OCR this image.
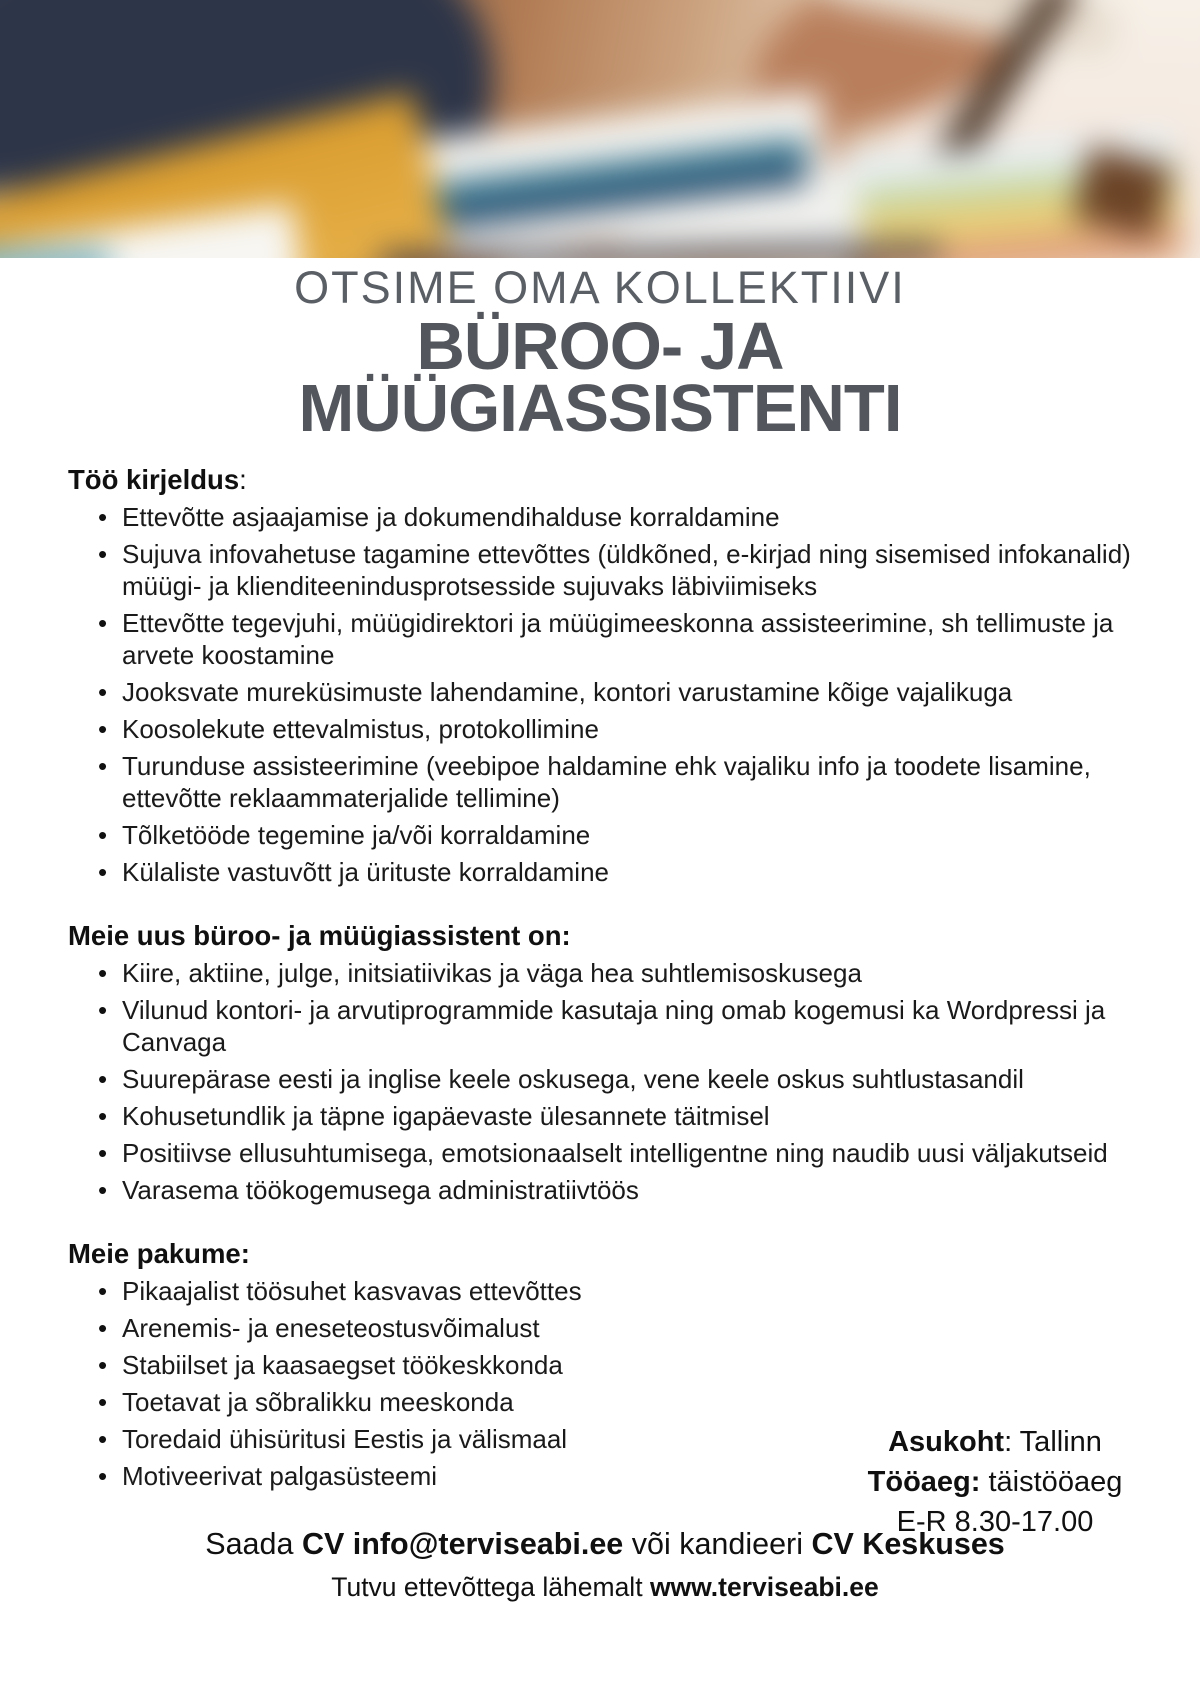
OTSIME OMA KOLLEKTIIVI
BÜROO- JA
MÜÜGIASSISTENTI
Töö kirjeldus:
• Ettevõtte asjaajamise ja dokumendihalduse korraldamine
• Sujuva infovahetuse tagamine ettevõttes (üldkõned, e-kirjad ning sisemised infokanalid) müügi- ja klienditeenindusprotsesside sujuvaks läbiviimiseks
• Ettevõtte tegevjuhi, müügidirektori ja müügimeeskonna assisteerimine, sh tellimuste ja arvete koostamine
• Jooksvate mureküsimuste lahendamine, kontori varustamine kõige vajalikuga
• Koosolekute ettevalmistus, protokollimine
• Turunduse assisteerimine (veebipoe haldamine ehk vajaliku info ja toodete lisamine, ettevõtte reklaammaterjalide tellimine)
• Tõlketööde tegemine ja/või korraldamine
• Külaliste vastuvõtt ja ürituste korraldamine
Meie uus büroo- ja müügiassistent on:
• Kiire, aktiine, julge, initsiatiivikas ja väga hea suhtlemisoskusega
• Vilunud kontori- ja arvutiprogrammide kasutaja ning omab kogemusi ka Wordpressi ja Canvaga
• Suurepärase eesti ja inglise keele oskusega, vene keele oskus suhtlustasandil
• Kohusetundlik ja täpne igapäevaste ülesannete täitmisel
• Positiivse ellusuhtumisega, emotsionaalselt intelligentne ning naudib uusi väljakutseid
• Varasema töökogemusega administratiivtöös
Meie pakume:
• Pikaajalist töösuhet kasvavas ettevõttes
• Arenemis- ja eneseteostusvõimalust
• Stabiilset ja kaasaegset töökeskkonda
• Toetavat ja sõbralikku meeskonda
• Toredaid ühisüritusi Eestis ja välismaal
• Motiveerivat palgasüsteemi
Saada CV info@terviseabi.ee või kandieeri CV Keskuses
Tutvu ettevõttega lähemalt www.terviseabi.ee
Asukoht: Tallinn
Tööaeg: täistööaeg
E-R 8.30-17.00
